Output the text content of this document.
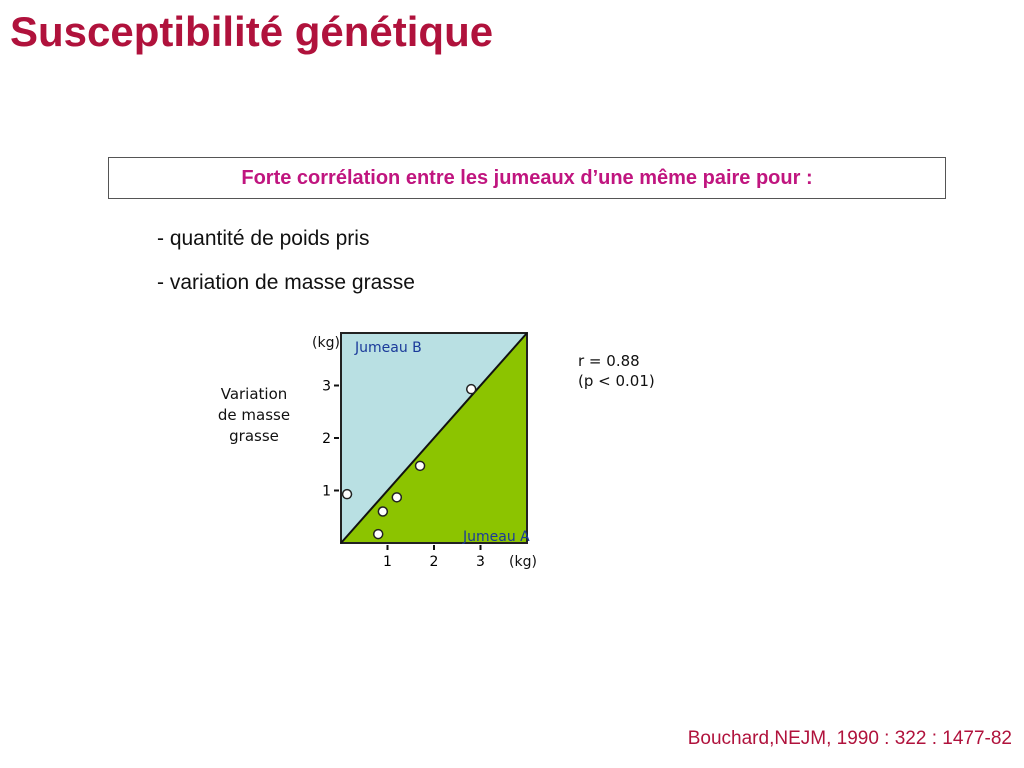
Susceptibilité génétique
Forte corrélation entre les jumeaux d’une même paire pour :
- quantité de poids pris
- variation de masse grasse
1	2	3
1
2
3
Jumeau B
Jumeau A
(kg)
(kg)
Variation de masse grasse
r = 0.88
(p < 0.01)
Bouchard,NEJM, 1990 : 322 : 1477-82
